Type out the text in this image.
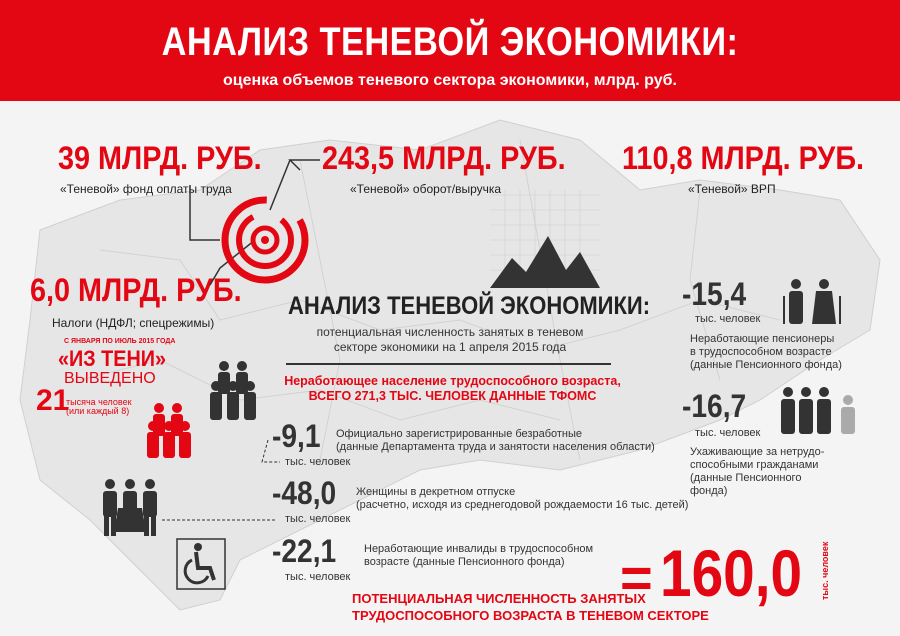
АНАЛИЗ ТЕНЕВОЙ ЭКОНОМИКИ:
оценка объемов теневого сектора экономики, млрд. руб.
39 МЛРД. РУБ.
«Теневой» фонд оплаты труда
243,5 МЛРД. РУБ.
«Теневой» оборот/выручка
110,8 МЛРД. РУБ.
«Теневой» ВРП
6,0 МЛРД. РУБ.
Налоги (НДФЛ; спецрежимы)
С ЯНВАРЯ ПО ИЮЛЬ 2015 ГОДА
«ИЗ ТЕНИ»
ВЫВЕДЕНО
21
тысяча человек
(или каждый 8)
АНАЛИЗ ТЕНЕВОЙ ЭКОНОМИКИ:
потенциальная численность занятых в теневом
секторе экономики на 1 апреля 2015 года
Неработающее население трудоспособного возраста,
ВСЕГО 271,3 ТЫС. ЧЕЛОВЕК ДАННЫЕ ТФОМС
-9,1
тыс. человек
Официально зарегистрированные безработные
(данные Департамента труда и занятости населения области)
-48,0
тыс. человек
Женщины в декретном отпуске
(расчетно, исходя из среднегодовой рождаемости 16 тыс. детей)
-22,1
тыс. человек
Неработающие инвалиды в трудоспособном
возрасте (данные Пенсионного фонда)
-15,4
тыс. человек
Неработающие пенсионеры
в трудоспособном возрасте
(данные Пенсионного фонда)
-16,7
тыс. человек
Ухаживающие за нетрудо-
способными гражданами
(данные Пенсионного
фонда)
= 160,0 тыс. человек
ПОТЕНЦИАЛЬНАЯ ЧИСЛЕННОСТЬ ЗАНЯТЫХ
ТРУДОСПОСОБНОГО ВОЗРАСТА В ТЕНЕВОМ СЕКТОРЕ
